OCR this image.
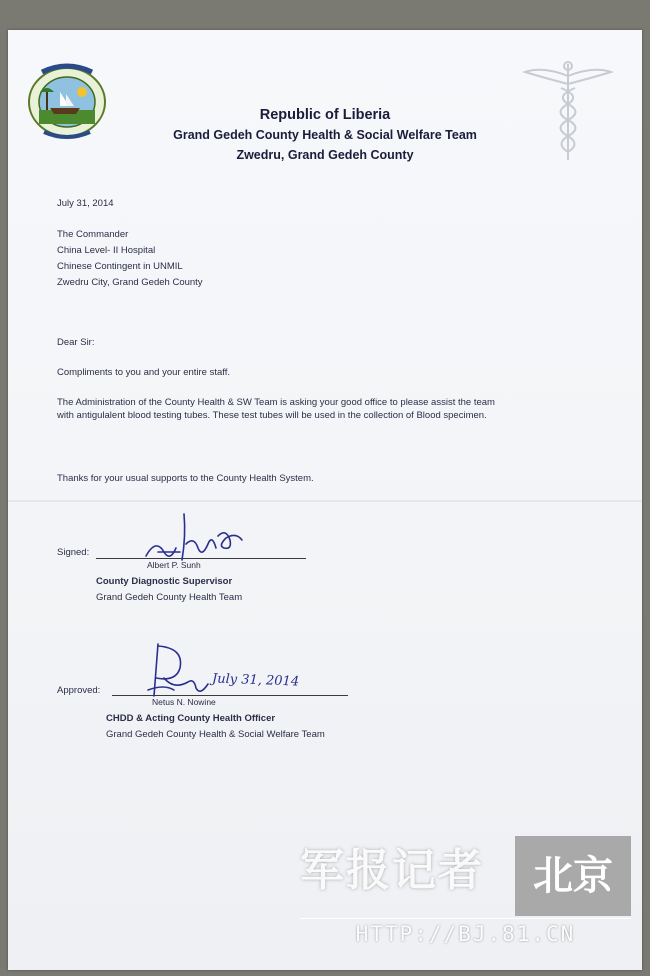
Republic of Liberia
Grand Gedeh County Health & Social Welfare Team
Zwedru, Grand Gedeh County
July 31, 2014
The Commander
China Level- II Hospital
Chinese Contingent in UNMIL
Zwedru City, Grand Gedeh County
Dear Sir:
Compliments to you and your entire staff.
The Administration of the County Health & SW Team is asking your good office to please assist the team
with antigulalent blood testing tubes. These test tubes will be used in the collection of Blood specimen.
Thanks for your usual supports to the County Health System.
Signed:
Albert P. Sunh
County Diagnostic Supervisor
Grand Gedeh County Health Team
Approved:
July 31, 2014
Netus N. Nowine
CHDD & Acting County Health Officer
Grand Gedeh County Health & Social Welfare Team
军报记者	北京
HTTP://BJ.81.CN
